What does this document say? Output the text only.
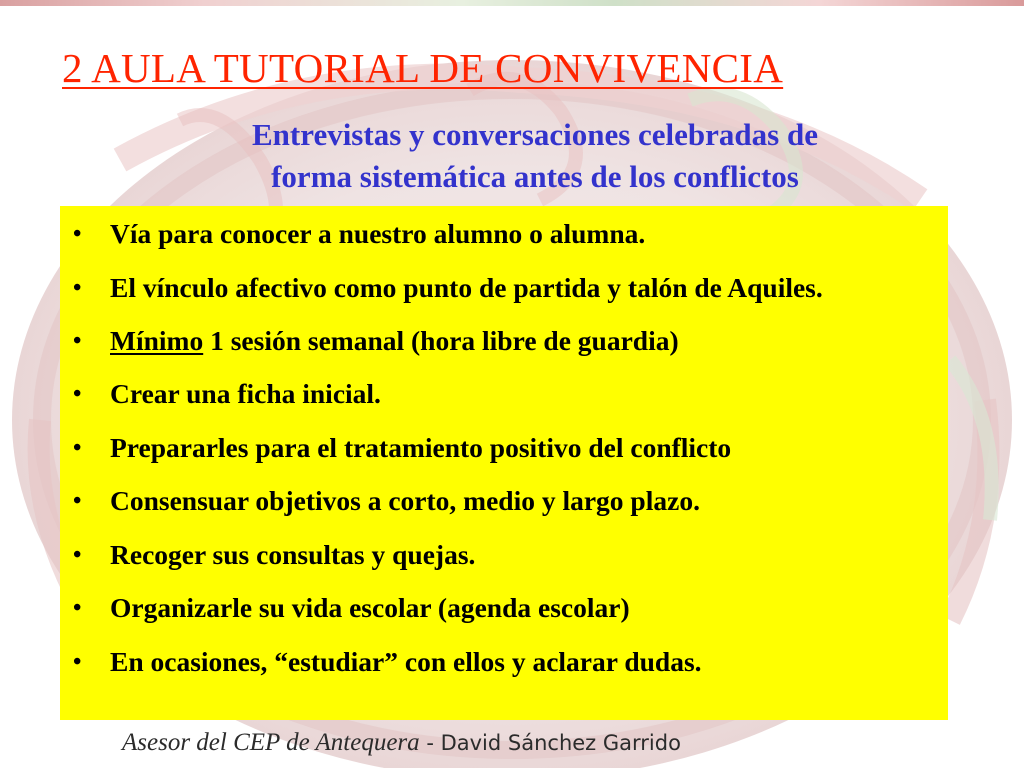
2 AULA TUTORIAL DE CONVIVENCIA
Entrevistas y conversaciones celebradas de
forma sistemática antes de los conflictos
• Vía para conocer a nuestro alumno o alumna.
• El vínculo afectivo como punto de partida y talón de Aquiles.
• Mínimo 1 sesión semanal (hora libre de guardia)
• Crear una ficha inicial.
• Prepararles para el tratamiento positivo del conflicto
• Consensuar objetivos a corto, medio y largo plazo.
• Recoger sus consultas y quejas.
• Organizarle su vida escolar (agenda escolar)
• En ocasiones, “estudiar” con ellos y aclarar dudas.
Asesor del CEP de Antequera - David Sánchez Garrido
